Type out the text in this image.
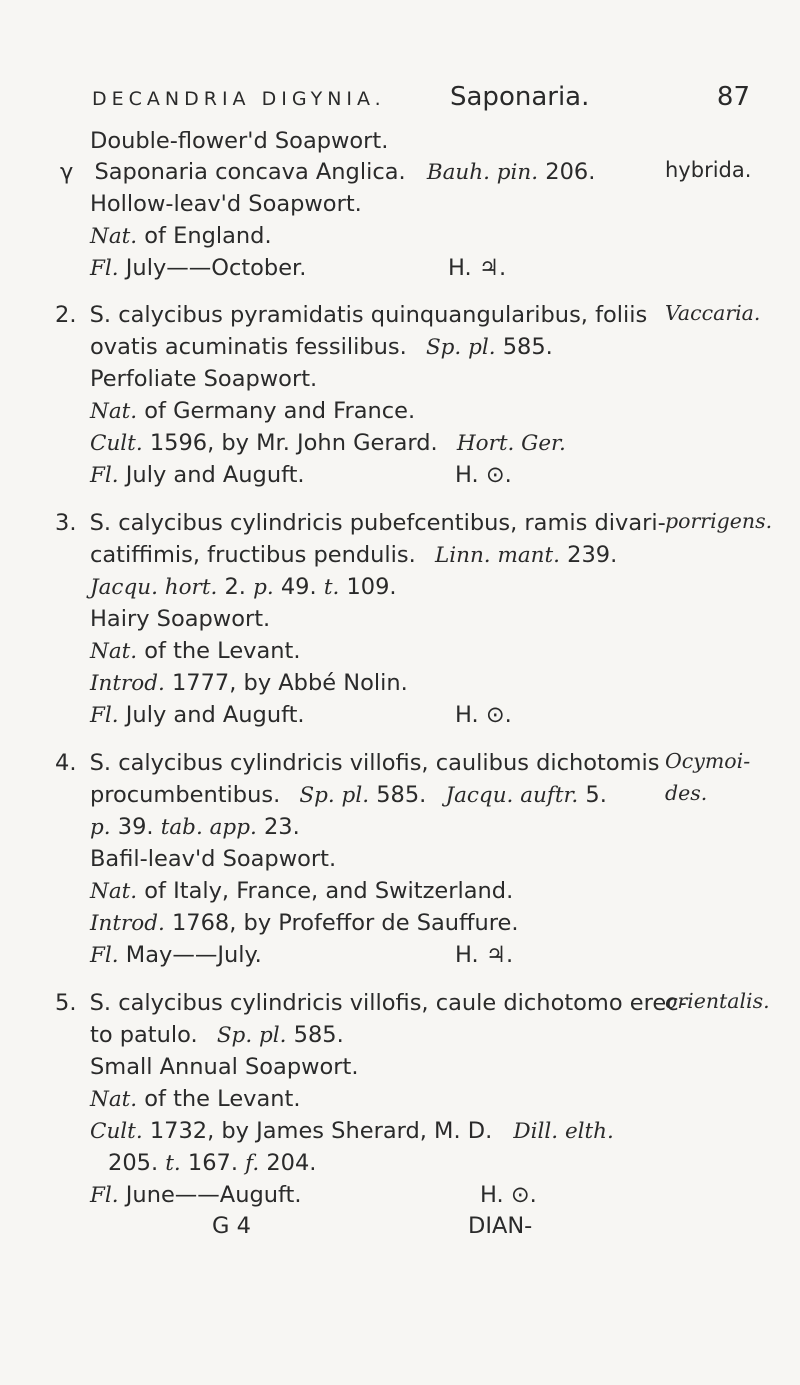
DECANDRIA DIGYNIA. Saponaria.	87
Double-flower'd Soapwort.
γ Saponaria concava Anglica. Bauh. pin. 206.
Hollow-leav'd Soapwort.
Nat. of England.
Fl. July——October.	H. ♃.
hybrida.
2. S. calycibus pyramidatis quinquangularibus, foliis
ovatis acuminatis fessilibus. Sp. pl. 585.
Perfoliate Soapwort.
Nat. of Germany and France.
Cult. 1596, by Mr. John Gerard. Hort. Ger.
Fl. July and Auguft.	H. ⊙.
Vaccaria.
3. S. calycibus cylindricis pubefcentibus, ramis divari-
catiffimis, fructibus pendulis. Linn. mant. 239.
Jacqu. hort. 2. p. 49. t. 109.
Hairy Soapwort.
Nat. of the Levant.
Introd. 1777, by Abbé Nolin.
Fl. July and Auguft.	H. ⊙.
porrigens.
4. S. calycibus cylindricis villofis, caulibus dichotomis
procumbentibus. Sp. pl. 585. Jacqu. auftr. 5.
p. 39. tab. app. 23.
Bafil-leav'd Soapwort.
Nat. of Italy, France, and Switzerland.
Introd. 1768, by Profeffor de Sauffure.
Fl. May——July.	H. ♃.
Ocymoi-
des.
5. S. calycibus cylindricis villofis, caule dichotomo erec-
to patulo. Sp. pl. 585.
Small Annual Soapwort.
Nat. of the Levant.
Cult. 1732, by James Sherard, M. D. Dill. elth.
205. t. 167. f. 204.
Fl. June——Auguft.	H. ⊙.
orientalis.
G 4	DIAN-
